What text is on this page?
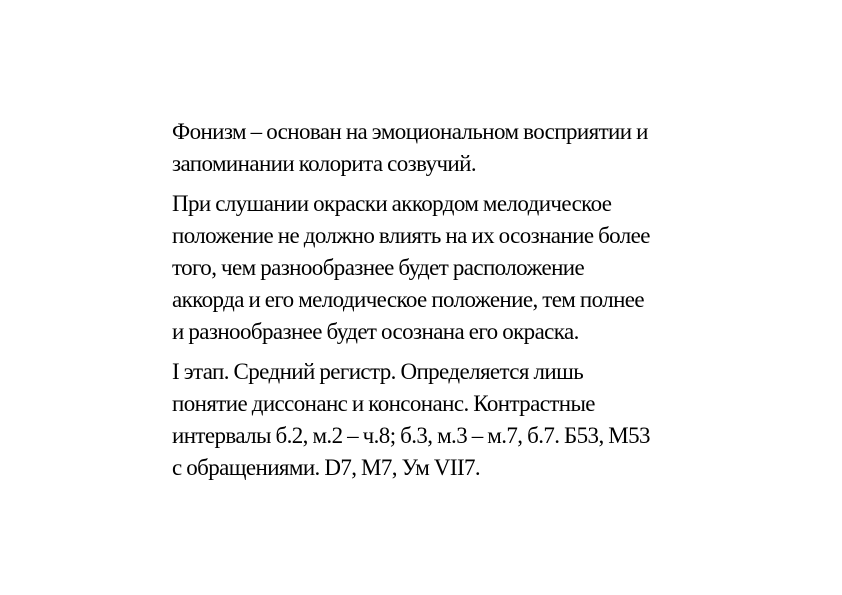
Фонизм – основан на эмоциональном восприятии и
запоминании колорита созвучий.

При слушании окраски аккордом мелодическое
положение не должно влиять на их осознание более
того, чем разнообразнее будет расположение
аккорда и его мелодическое положение, тем полнее
и разнообразнее будет осознана его окраска.

I этап. Средний регистр. Определяется лишь
понятие диссонанс и консонанс. Контрастные
интервалы б.2, м.2 – ч.8; б.3, м.3 – м.7, б.7. Б53, М53
с обращениями. D7, M7, Ум VII7.
